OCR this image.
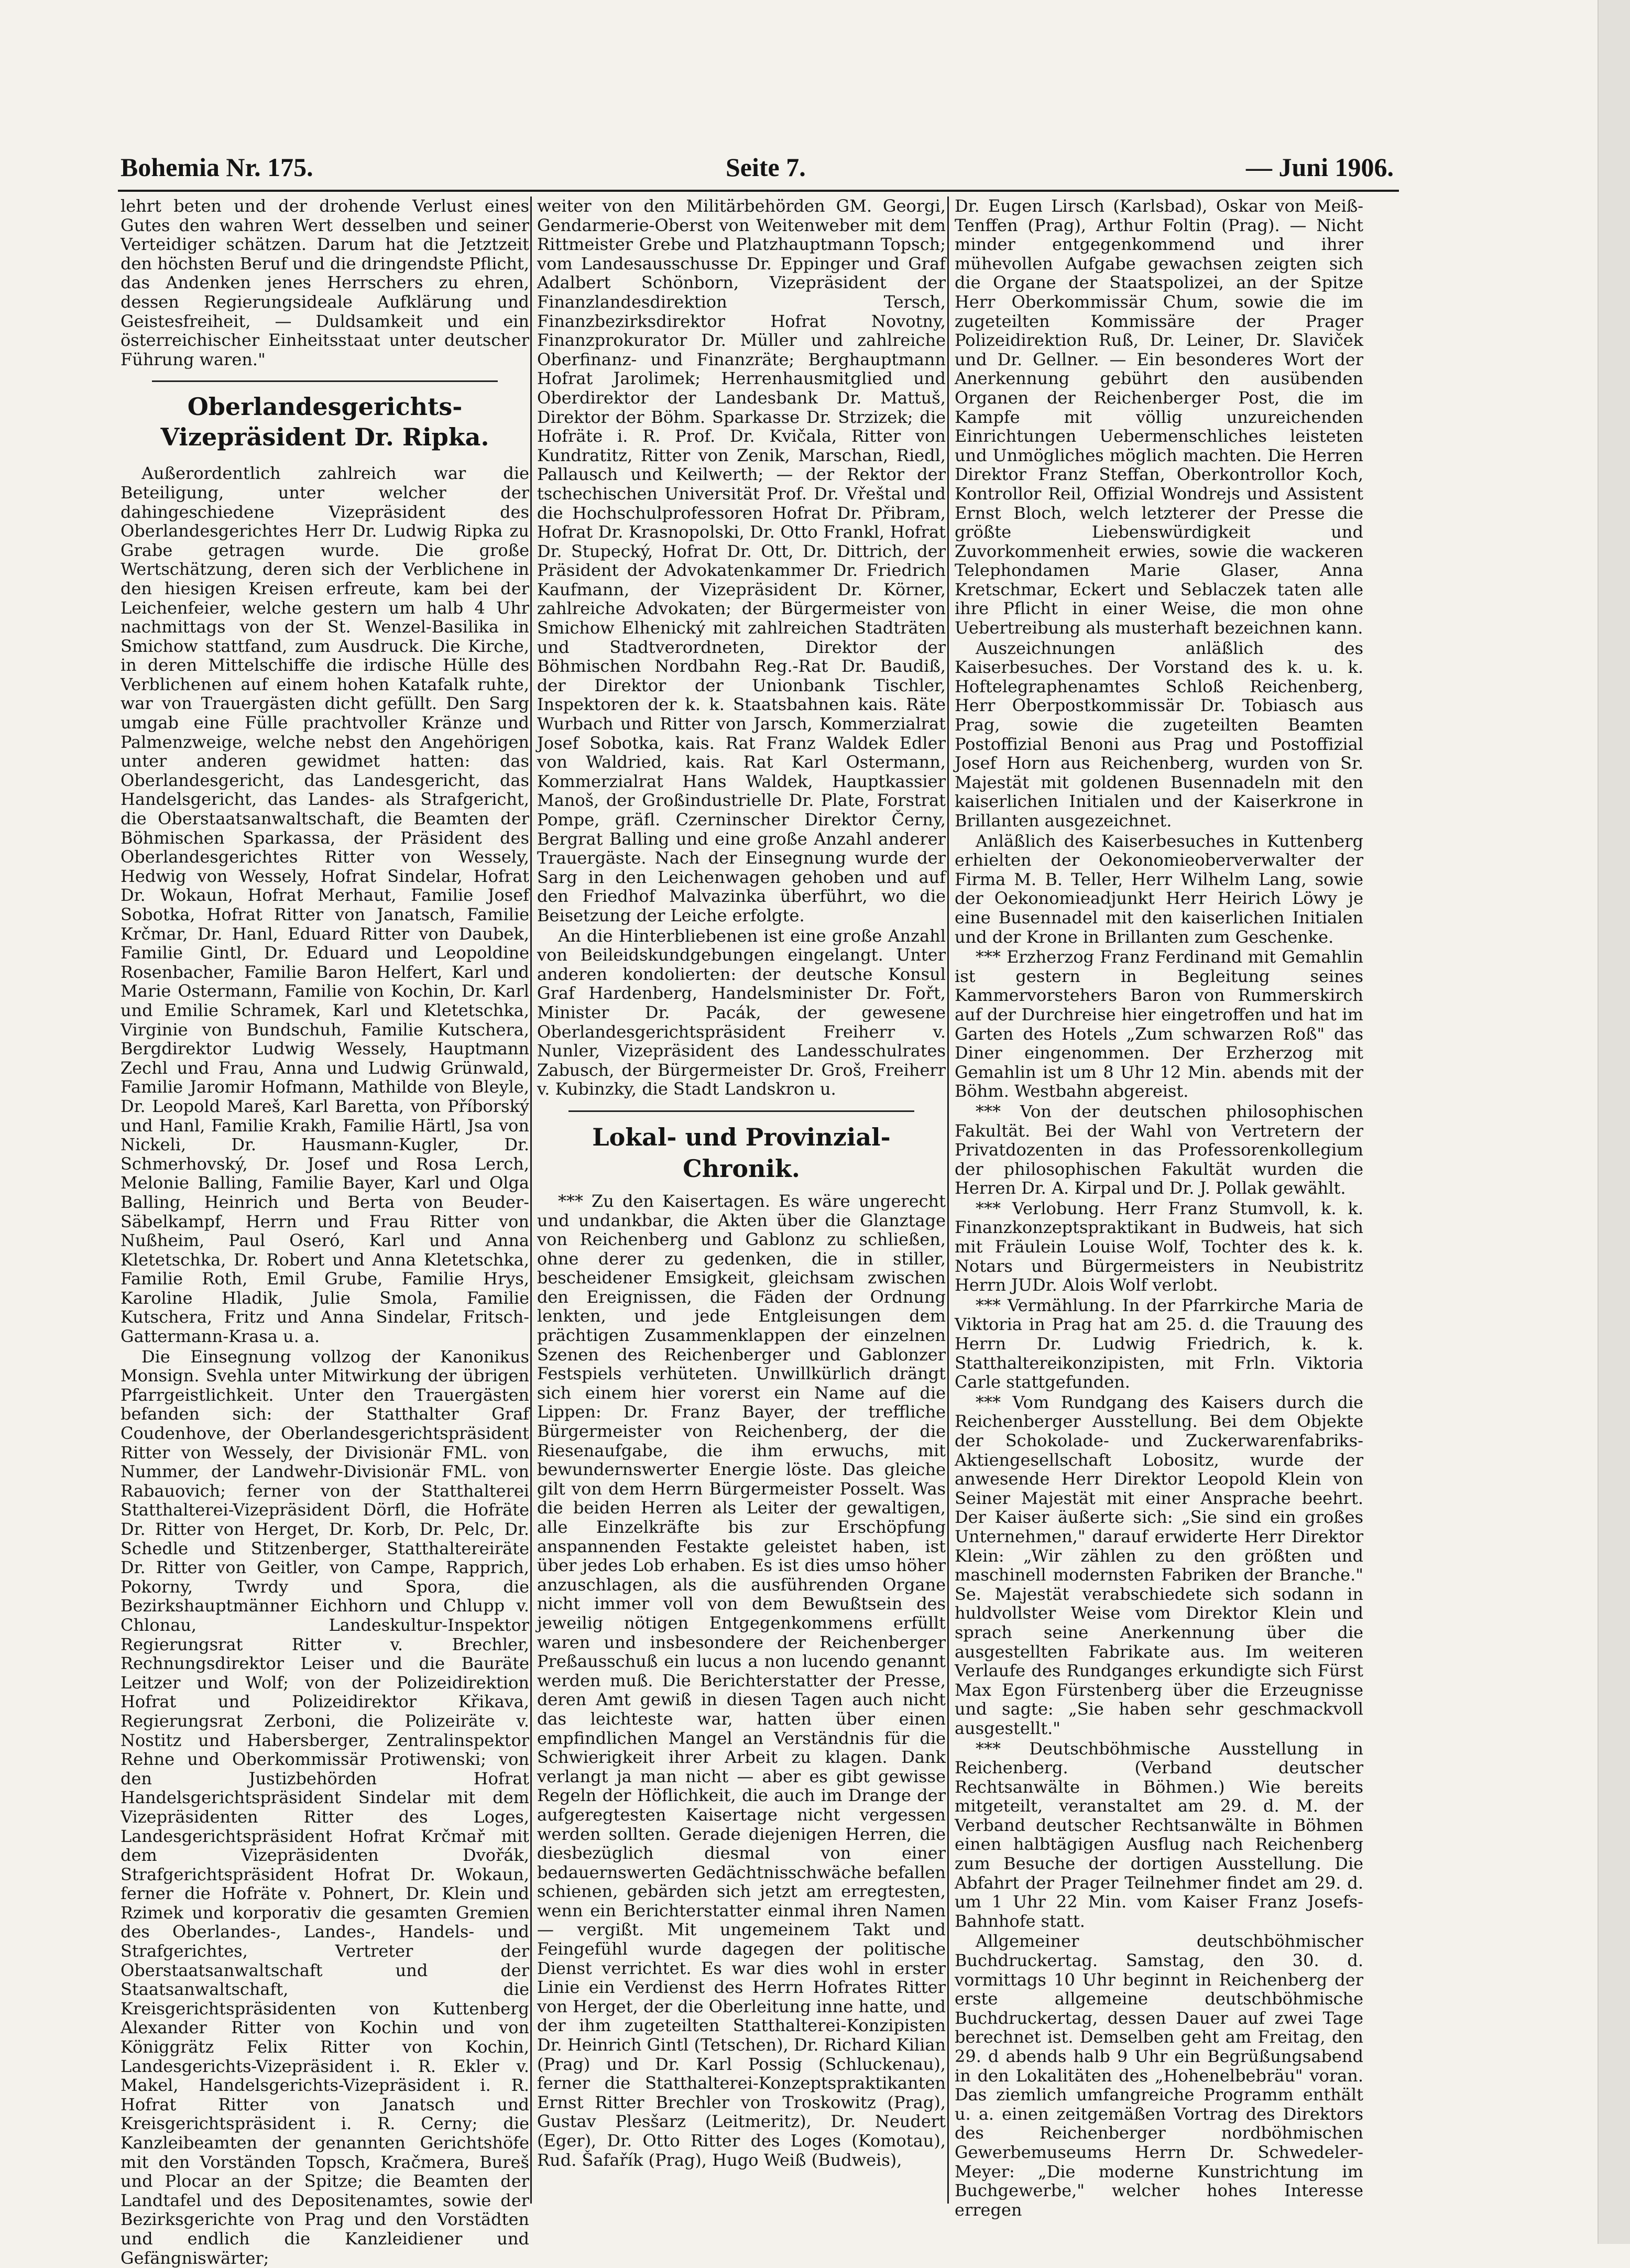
Bohemia Nr. 175.	Seite 7.	— Juni 1906.

lehrt beten und der drohende Verlust eines Gutes den wahren Wert desselben und seiner Verteidiger schätzen. Darum hat die Jetztzeit den höchsten Beruf und die dringendste Pflicht, das Andenken jenes Herrschers zu ehren, dessen Regierungsideale Aufklärung und Geistesfreiheit, — Duldsamkeit und ein österreichischer Einheitsstaat unter deutscher Führung waren."

Oberlandesgerichts-Vizepräsident Dr. Ripka.

Außerordentlich zahlreich war die Beteiligung, unter welcher der dahingeschiedene Vizepräsident des Oberlandesgerichtes Herr Dr. Ludwig Ripka zu Grabe getragen wurde. Die große Wertschätzung, deren sich der Verblichene in den hiesigen Kreisen erfreute, kam bei der Leichenfeier, welche gestern um halb 4 Uhr nachmittags von der St. Wenzel-Basilika in Smichow stattfand, zum Ausdruck. Die Kirche, in deren Mittelschiffe die irdische Hülle des Verblichenen auf einem hohen Katafalk ruhte, war von Trauergästen dicht gefüllt. Den Sarg umgab eine Fülle prachtvoller Kränze und Palmenzweige, welche nebst den Angehörigen unter anderen gewidmet hatten: das Oberlandesgericht, das Landesgericht, das Handelsgericht, das Landes- als Strafgericht, die Oberstaatsanwaltschaft, die Beamten der Böhmischen Sparkassa, der Präsident des Oberlandesgerichtes Ritter von Wessely, Hedwig von Wessely, Hofrat Sindelar, Hofrat Dr. Wokaun, Hofrat Merhaut, Familie Josef Sobotka, Hofrat Ritter von Janatsch, Familie Krčmar, Dr. Hanl, Eduard Ritter von Daubek, Familie Gintl, Dr. Eduard und Leopoldine Rosenbacher, Familie Baron Helfert, Karl und Marie Ostermann, Familie von Kochin, Dr. Karl und Emilie Schramek, Karl und Kletetschka, Virginie von Bundschuh, Familie Kutschera, Bergdirektor Ludwig Wessely, Hauptmann Zechl und Frau, Anna und Ludwig Grünwald, Familie Jaromir Hofmann, Mathilde von Bleyle, Dr. Leopold Mareš, Karl Baretta, von Příborský und Hanl, Familie Krakh, Familie Härtl, Jsa von Nickeli, Dr. Hausmann-Kugler, Dr. Schmerhovský, Dr. Josef und Rosa Lerch, Melonie Balling, Familie Bayer, Karl und Olga Balling, Heinrich und Berta von Beuder-Säbelkampf, Herrn und Frau Ritter von Nußheim, Paul Oseró, Karl und Anna Kletetschka, Dr. Robert und Anna Kletetschka, Familie Roth, Emil Grube, Familie Hrys, Karoline Hladik, Julie Smola, Familie Kutschera, Fritz und Anna Sindelar, Fritsch-Gattermann-Krasa u. a.

Die Einsegnung vollzog der Kanonikus Monsign. Svehla unter Mitwirkung der übrigen Pfarrgeistlichkeit. Unter den Trauergästen befanden sich: der Statthalter Graf Coudenhove, der Oberlandesgerichtspräsident Ritter von Wessely, der Divisionär FML. von Nummer, der Landwehr-Divisionär FML. von Rabauovich; ferner von der Statthalterei Statthalterei-Vizepräsident Dörfl, die Hofräte Dr. Ritter von Herget, Dr. Korb, Dr. Pelc, Dr. Schedle und Stitzenberger, Statthaltereiräte Dr. Ritter von Geitler, von Campe, Rapprich, Pokorny, Twrdy und Spora, die Bezirkshauptmänner Eichhorn und Chlupp v. Chlonau, Landeskultur-Inspektor Regierungsrat Ritter v. Brechler, Rechnungsdirektor Leiser und die Bauräte Leitzer und Wolf; von der Polizeidirektion Hofrat und Polizeidirektor Křikava, Regierungsrat Zerboni, die Polizeiräte v. Nostitz und Habersberger, Zentralinspektor Rehne und Oberkommissär Protiwenski; von den Justizbehörden Hofrat Handelsgerichtspräsident Sindelar mit dem Vizepräsidenten Ritter des Loges, Landesgerichtspräsident Hofrat Krčmař mit dem Vizepräsidenten Dvořák, Strafgerichtspräsident Hofrat Dr. Wokaun, ferner die Hofräte v. Pohnert, Dr. Klein und Rzimek und korporativ die gesamten Gremien des Oberlandes-, Landes-, Handels- und Strafgerichtes, Vertreter der Oberstaatsanwaltschaft und der Staatsanwaltschaft, die Kreisgerichtspräsidenten von Kuttenberg Alexander Ritter von Kochin und von Königgrätz Felix Ritter von Kochin, Landesgerichts-Vizepräsident i. R. Ekler v. Makel, Handelsgerichts-Vizepräsident i. R. Hofrat Ritter von Janatsch und Kreisgerichtspräsident i. R. Cerny; die Kanzleibeamten der genannten Gerichtshöfe mit den Vorständen Topsch, Kračmera, Bureš und Plocar an der Spitze; die Beamten der Landtafel und des Depositenamtes, sowie der Bezirksgerichte von Prag und den Vorstädten und endlich die Kanzleidiener und Gefängniswärter;

weiter von den Militärbehörden GM. Georgi, Gendarmerie-Oberst von Weitenweber mit dem Rittmeister Grebe und Platzhauptmann Topsch; vom Landesausschusse Dr. Eppinger und Graf Adalbert Schönborn, Vizepräsident der Finanzlandesdirektion Tersch, Finanzbezirksdirektor Hofrat Novotny, Finanzprokurator Dr. Müller und zahlreiche Oberfinanz- und Finanzräte; Berghauptmann Hofrat Jarolimek; Herrenhausmitglied und Oberdirektor der Landesbank Dr. Mattuš, Direktor der Böhm. Sparkasse Dr. Strzizek; die Hofräte i. R. Prof. Dr. Kvičala, Ritter von Kundratitz, Ritter von Zenik, Marschan, Riedl, Pallausch und Keilwerth; — der Rektor der tschechischen Universität Prof. Dr. Vřeštal und die Hochschulprofessoren Hofrat Dr. Přibram, Hofrat Dr. Krasnopolski, Dr. Otto Frankl, Hofrat Dr. Stupecký, Hofrat Dr. Ott, Dr. Dittrich, der Präsident der Advokatenkammer Dr. Friedrich Kaufmann, der Vizepräsident Dr. Körner, zahlreiche Advokaten; der Bürgermeister von Smichow Elhenický mit zahlreichen Stadträten und Stadtverordneten, Direktor der Böhmischen Nordbahn Reg.-Rat Dr. Baudiß, der Direktor der Unionbank Tischler, Inspektoren der k. k. Staatsbahnen kais. Räte Wurbach und Ritter von Jarsch, Kommerzialrat Josef Sobotka, kais. Rat Franz Waldek Edler von Waldried, kais. Rat Karl Ostermann, Kommerzialrat Hans Waldek, Hauptkassier Manoš, der Großindustrielle Dr. Plate, Forstrat Pompe, gräfl. Czerninscher Direktor Černy, Bergrat Balling und eine große Anzahl anderer Trauergäste. Nach der Einsegnung wurde der Sarg in den Leichenwagen gehoben und auf den Friedhof Malvazinka überführt, wo die Beisetzung der Leiche erfolgte.

An die Hinterbliebenen ist eine große Anzahl von Beileidskundgebungen eingelangt. Unter anderen kondolierten: der deutsche Konsul Graf Hardenberg, Handelsminister Dr. Fořt, Minister Dr. Pacák, der gewesene Oberlandesgerichtspräsident Freiherr v. Nunler, Vizepräsident des Landesschulrates Zabusch, der Bürgermeister Dr. Groš, Freiherr v. Kubinzky, die Stadt Landskron u.

Lokal- und Provinzial-Chronik.

*** Zu den Kaisertagen. Es wäre ungerecht und undankbar, die Akten über die Glanztage von Reichenberg und Gablonz zu schließen, ohne derer zu gedenken, die in stiller, bescheidener Emsigkeit, gleichsam zwischen den Ereignissen, die Fäden der Ordnung lenkten, und jede Entgleisungen dem prächtigen Zusammenklappen der einzelnen Szenen des Reichenberger und Gablonzer Festspiels verhüteten. Unwillkürlich drängt sich einem hier vorerst ein Name auf die Lippen: Dr. Franz Bayer, der treffliche Bürgermeister von Reichenberg, der die Riesenaufgabe, die ihm erwuchs, mit bewundernswerter Energie löste. Das gleiche gilt von dem Herrn Bürgermeister Posselt. Was die beiden Herren als Leiter der gewaltigen, alle Einzelkräfte bis zur Erschöpfung anspannenden Festakte geleistet haben, ist über jedes Lob erhaben. Es ist dies umso höher anzuschlagen, als die ausführenden Organe nicht immer voll von dem Bewußtsein des jeweilig nötigen Entgegenkommens erfüllt waren und insbesondere der Reichenberger Preßausschuß ein lucus a non lucendo genannt werden muß. Die Berichterstatter der Presse, deren Amt gewiß in diesen Tagen auch nicht das leichteste war, hatten über einen empfindlichen Mangel an Verständnis für die Schwierigkeit ihrer Arbeit zu klagen. Dank verlangt ja man nicht — aber es gibt gewisse Regeln der Höflichkeit, die auch im Drange der aufgeregtesten Kaisertage nicht vergessen werden sollten. Gerade diejenigen Herren, die diesbezüglich diesmal von einer bedauernswerten Gedächtnisschwäche befallen schienen, gebärden sich jetzt am erregtesten, wenn ein Berichterstatter einmal ihren Namen — vergißt. Mit ungemeinem Takt und Feingefühl wurde dagegen der politische Dienst verrichtet. Es war dies wohl in erster Linie ein Verdienst des Herrn Hofrates Ritter von Herget, der die Oberleitung inne hatte, und der ihm zugeteilten Statthalterei-Konzipisten Dr. Heinrich Gintl (Tetschen), Dr. Richard Kilian (Prag) und Dr. Karl Possig (Schluckenau), ferner die Statthalterei-Konzeptspraktikanten Ernst Ritter Brechler von Troskowitz (Prag), Gustav Plesšarz (Leitmeritz), Dr. Neudert (Eger), Dr. Otto Ritter des Loges (Komotau), Rud. Šafařík (Prag), Hugo Weiß (Budweis),

Dr. Eugen Lirsch (Karlsbad), Oskar von Meiß-Tenffen (Prag), Arthur Foltin (Prag). — Nicht minder entgegenkommend und ihrer mühevollen Aufgabe gewachsen zeigten sich die Organe der Staatspolizei, an der Spitze Herr Oberkommissär Chum, sowie die im zugeteilten Kommissäre der Prager Polizeidirektion Ruß, Dr. Leiner, Dr. Slaviček und Dr. Gellner. — Ein besonderes Wort der Anerkennung gebührt den ausübenden Organen der Reichenberger Post, die im Kampfe mit völlig unzureichenden Einrichtungen Uebermenschliches leisteten und Unmögliches möglich machten. Die Herren Direktor Franz Steffan, Oberkontrollor Koch, Kontrollor Reil, Offizial Wondrejs und Assistent Ernst Bloch, welch letzterer der Presse die größte Liebenswürdigkeit und Zuvorkommenheit erwies, sowie die wackeren Telephondamen Marie Glaser, Anna Kretschmar, Eckert und Seblaczek taten alle ihre Pflicht in einer Weise, die mon ohne Uebertreibung als musterhaft bezeichnen kann.

Auszeichnungen anläßlich des Kaiserbesuches. Der Vorstand des k. u. k. Hoftelegraphenamtes Schloß Reichenberg, Herr Oberpostkommissär Dr. Tobiasch aus Prag, sowie die zugeteilten Beamten Postoffizial Benoni aus Prag und Postoffizial Josef Horn aus Reichenberg, wurden von Sr. Majestät mit goldenen Busennadeln mit den kaiserlichen Initialen und der Kaiserkrone in Brillanten ausgezeichnet.

Anläßlich des Kaiserbesuches in Kuttenberg erhielten der Oekonomieoberverwalter der Firma M. B. Teller, Herr Wilhelm Lang, sowie der Oekonomieadjunkt Herr Heirich Löwy je eine Busennadel mit den kaiserlichen Initialen und der Krone in Brillanten zum Geschenke.

*** Erzherzog Franz Ferdinand mit Gemahlin ist gestern in Begleitung seines Kammervorstehers Baron von Rummerskirch auf der Durchreise hier eingetroffen und hat im Garten des Hotels „Zum schwarzen Roß" das Diner eingenommen. Der Erzherzog mit Gemahlin ist um 8 Uhr 12 Min. abends mit der Böhm. Westbahn abgereist.

*** Von der deutschen philosophischen Fakultät. Bei der Wahl von Vertretern der Privatdozenten in das Professorenkollegium der philosophischen Fakultät wurden die Herren Dr. A. Kirpal und Dr. J. Pollak gewählt.

*** Verlobung. Herr Franz Stumvoll, k. k. Finanzkonzeptspraktikant in Budweis, hat sich mit Fräulein Louise Wolf, Tochter des k. k. Notars und Bürgermeisters in Neubistritz Herrn JUDr. Alois Wolf verlobt.

*** Vermählung. In der Pfarrkirche Maria de Viktoria in Prag hat am 25. d. die Trauung des Herrn Dr. Ludwig Friedrich, k. k. Statthaltereikonzipisten, mit Frln. Viktoria Carle stattgefunden.

*** Vom Rundgang des Kaisers durch die Reichenberger Ausstellung. Bei dem Objekte der Schokolade- und Zuckerwarenfabriks-Aktiengesellschaft Lobositz, wurde der anwesende Herr Direktor Leopold Klein von Seiner Majestät mit einer Ansprache beehrt. Der Kaiser äußerte sich: „Sie sind ein großes Unternehmen," darauf erwiderte Herr Direktor Klein: „Wir zählen zu den größten und maschinell modernsten Fabriken der Branche." Se. Majestät verabschiedete sich sodann in huldvollster Weise vom Direktor Klein und sprach seine Anerkennung über die ausgestellten Fabrikate aus. Im weiteren Verlaufe des Rundganges erkundigte sich Fürst Max Egon Fürstenberg über die Erzeugnisse und sagte: „Sie haben sehr geschmackvoll ausgestellt."

*** Deutschböhmische Ausstellung in Reichenberg. (Verband deutscher Rechtsanwälte in Böhmen.) Wie bereits mitgeteilt, veranstaltet am 29. d. M. der Verband deutscher Rechtsanwälte in Böhmen einen halbtägigen Ausflug nach Reichenberg zum Besuche der dortigen Ausstellung. Die Abfahrt der Prager Teilnehmer findet am 29. d. um 1 Uhr 22 Min. vom Kaiser Franz Josefs-Bahnhofe statt.

Allgemeiner deutschböhmischer Buchdruckertag. Samstag, den 30. d. vormittags 10 Uhr beginnt in Reichenberg der erste allgemeine deutschböhmische Buchdruckertag, dessen Dauer auf zwei Tage berechnet ist. Demselben geht am Freitag, den 29. d abends halb 9 Uhr ein Begrüßungsabend in den Lokalitäten des „Hohenelbebräu" voran. Das ziemlich umfangreiche Programm enthält u. a. einen zeitgemäßen Vortrag des Direktors des Reichenberger nordböhmischen Gewerbemuseums Herrn Dr. Schwedeler-Meyer: „Die moderne Kunstrichtung im Buchgewerbe," welcher hohes Interesse erregen
